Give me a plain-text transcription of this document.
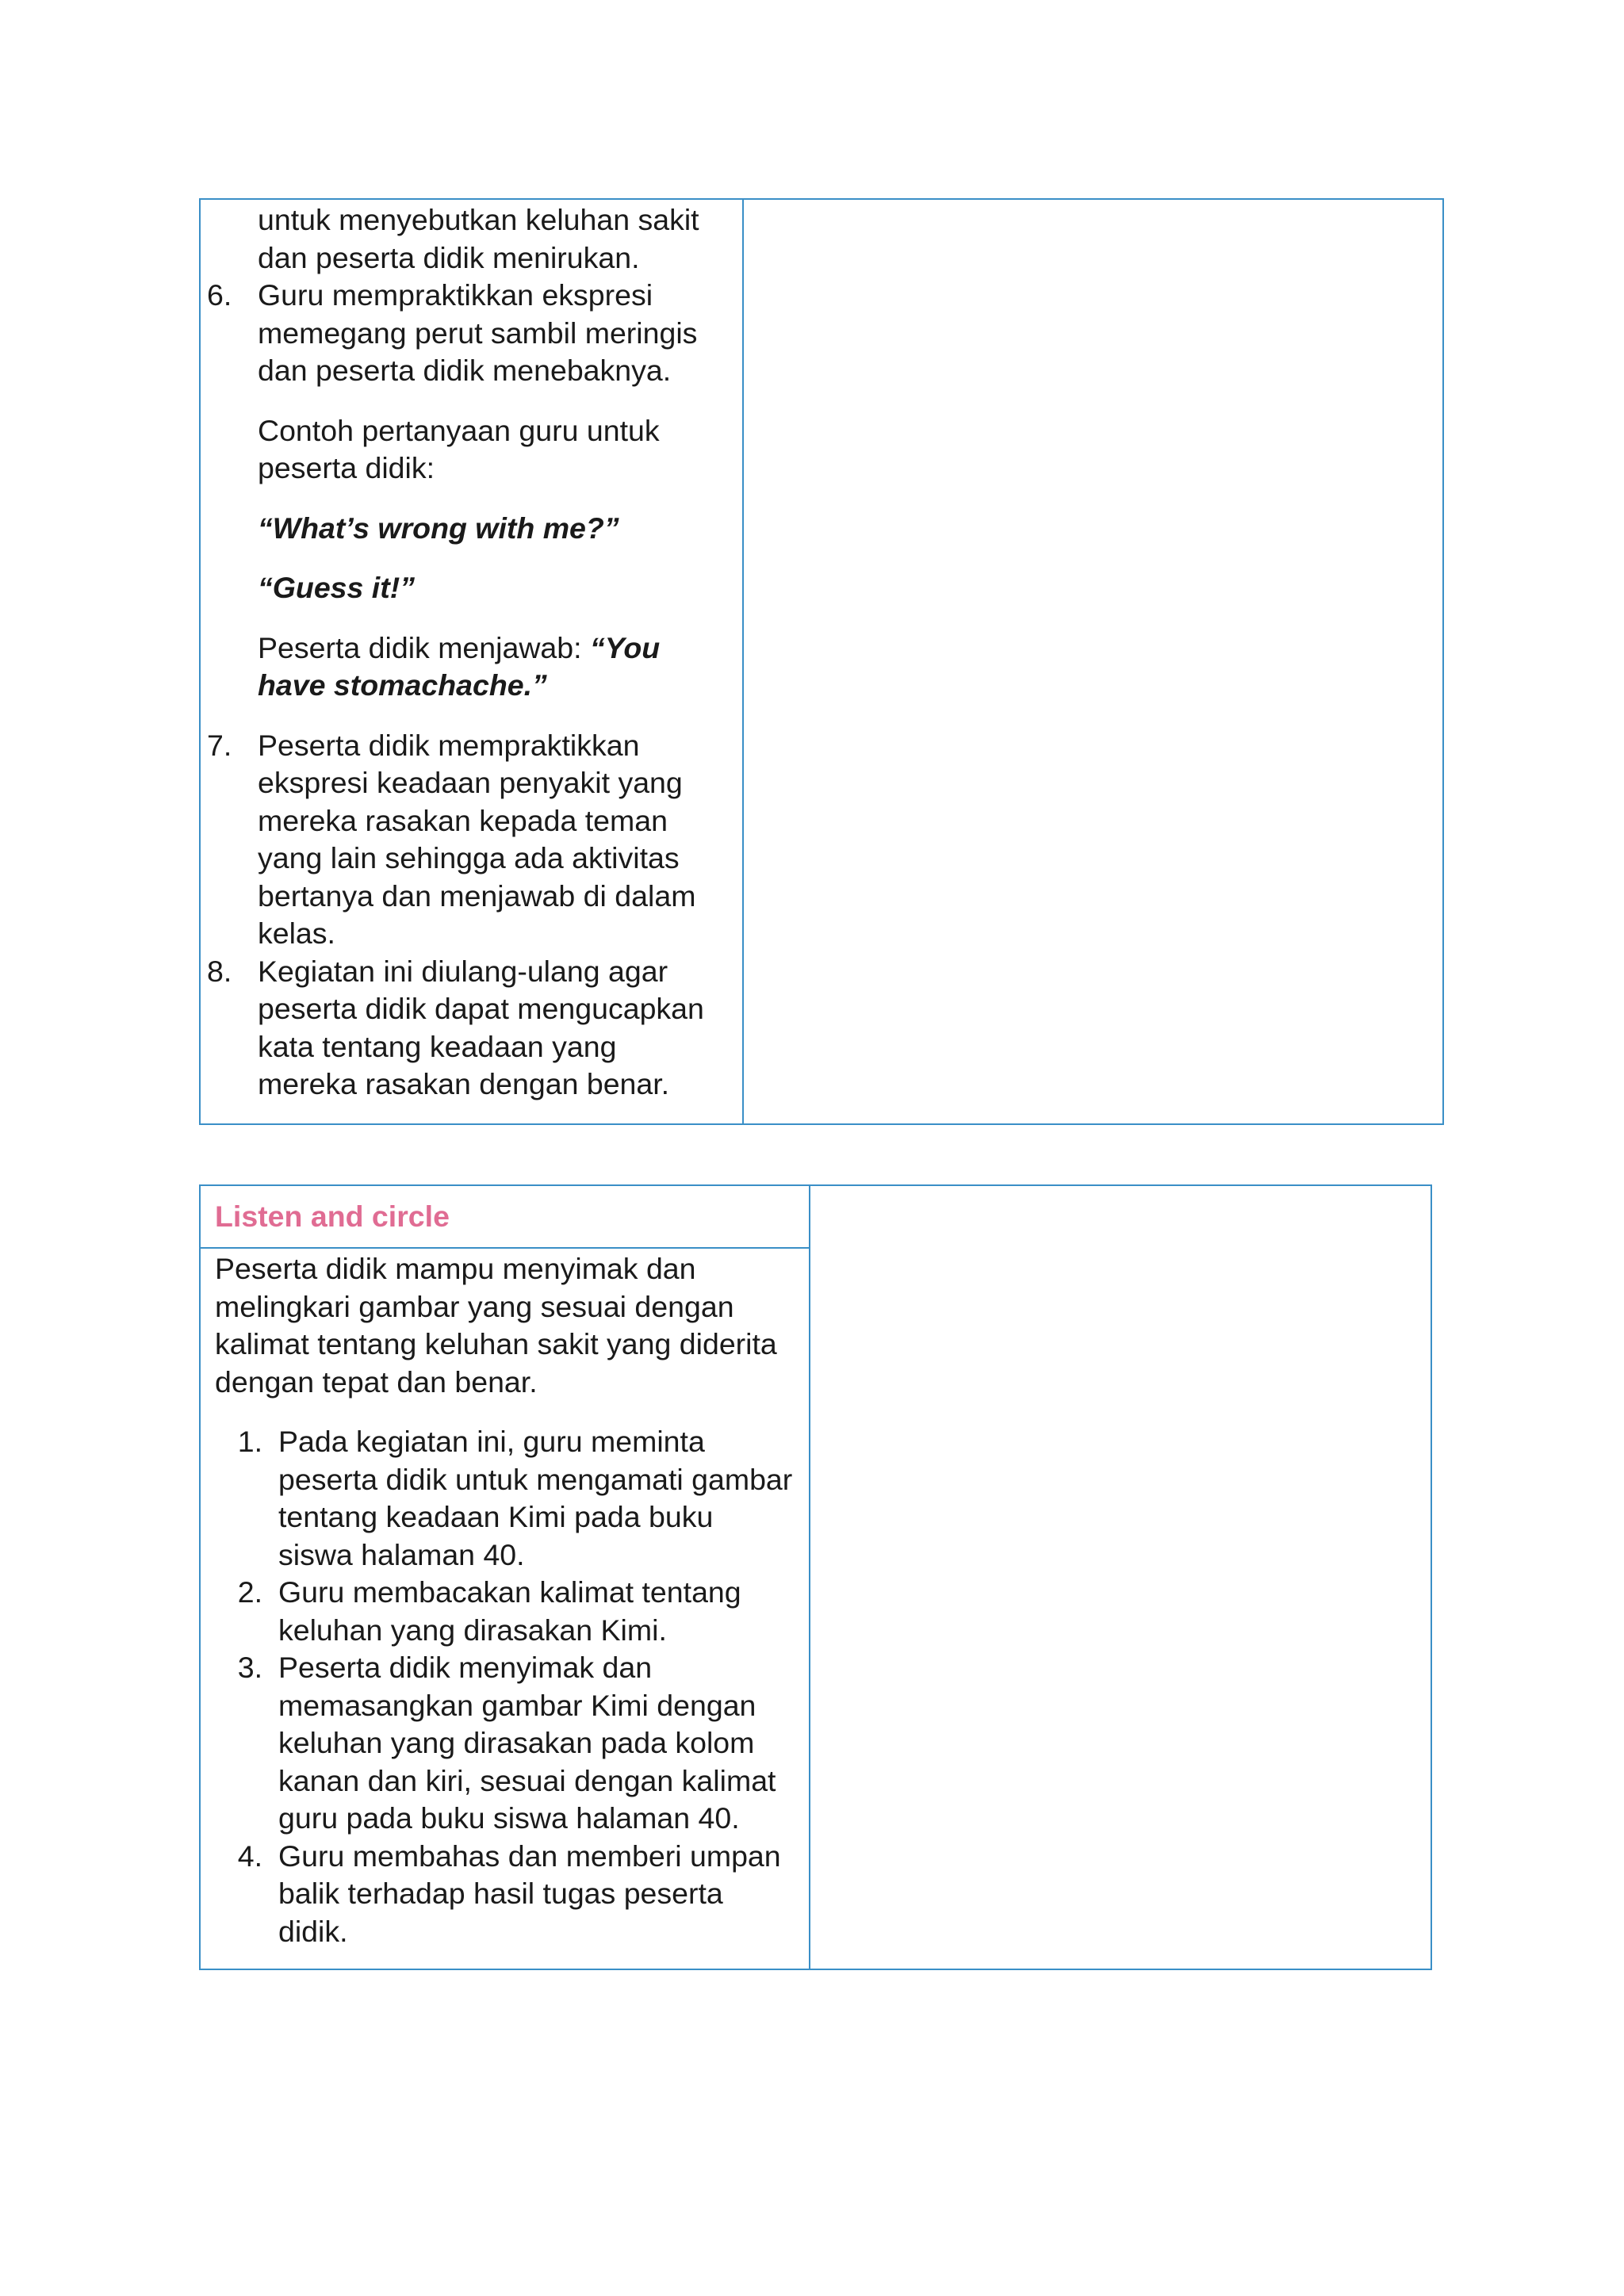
untuk menyebutkan keluhan sakit dan peserta didik menirukan.

6. Guru mempraktikkan ekspresi memegang perut sambil meringis dan peserta didik menebaknya.

Contoh pertanyaan guru untuk peserta didik:

“What’s wrong with me?”

“Guess it!”

Peserta didik menjawab: “You have stomachache.”

7. Peserta didik mempraktikkan ekspresi keadaan penyakit yang mereka rasakan kepada teman yang lain sehingga ada aktivitas bertanya dan menjawab di dalam kelas.
8. Kegiatan ini diulang-ulang agar peserta didik dapat mengucapkan kata tentang keadaan yang mereka rasakan dengan benar.
Listen and circle

Peserta didik mampu menyimak dan melingkari gambar yang sesuai dengan kalimat tentang keluhan sakit yang diderita dengan tepat dan benar.

1. Pada kegiatan ini, guru meminta peserta didik untuk mengamati gambar tentang keadaan Kimi pada buku siswa halaman 40.
2. Guru membacakan kalimat tentang keluhan yang dirasakan Kimi.
3. Peserta didik menyimak dan memasangkan gambar Kimi dengan keluhan yang dirasakan pada kolom kanan dan kiri, sesuai dengan kalimat guru pada buku siswa halaman 40.
4. Guru membahas dan memberi umpan balik terhadap hasil tugas peserta didik.
